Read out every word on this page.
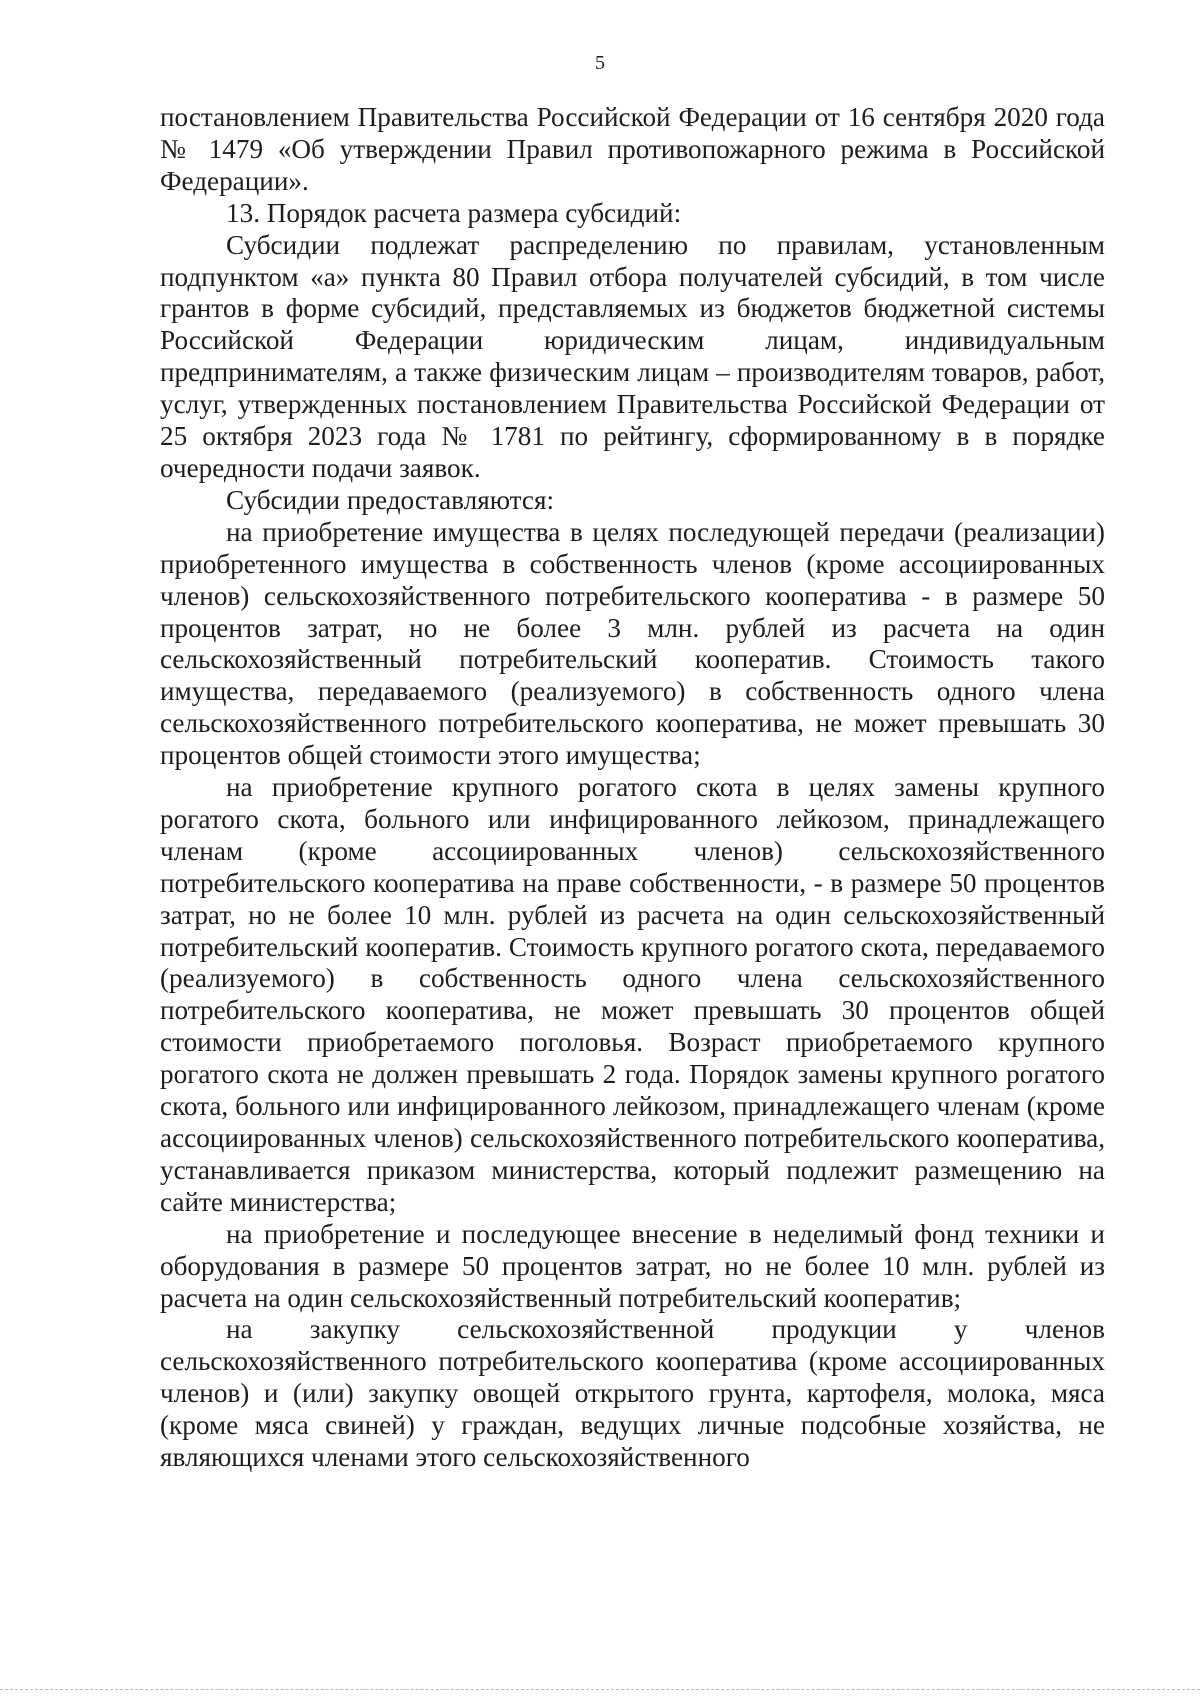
5

постановлением Правительства Российской Федерации от 16 сентября 2020 года № 1479 «Об утверждении Правил противопожарного режима в Российской Федерации».

13. Порядок расчета размера субсидий:

Субсидии подлежат распределению по правилам, установленным подпунктом «а» пункта 80 Правил отбора получателей субсидий, в том числе грантов в форме субсидий, представляемых из бюджетов бюджетной системы Российской Федерации юридическим лицам, индивидуальным предпринимателям, а также физическим лицам – производителям товаров, работ, услуг, утвержденных постановлением Правительства Российской Федерации от 25 октября 2023 года № 1781 по рейтингу, сформированному в в порядке очередности подачи заявок.

Субсидии предоставляются:

на приобретение имущества в целях последующей передачи (реализации) приобретенного имущества в собственность членов (кроме ассоциированных членов) сельскохозяйственного потребительского кооператива - в размере 50 процентов затрат, но не более 3 млн. рублей из расчета на один сельскохозяйственный потребительский кооператив. Стоимость такого имущества, передаваемого (реализуемого) в собственность одного члена сельскохозяйственного потребительского кооператива, не может превышать 30 процентов общей стоимости этого имущества;

на приобретение крупного рогатого скота в целях замены крупного рогатого скота, больного или инфицированного лейкозом, принадлежащего членам (кроме ассоциированных членов) сельскохозяйственного потребительского кооператива на праве собственности, - в размере 50 процентов затрат, но не более 10 млн. рублей из расчета на один сельскохозяйственный потребительский кооператив. Стоимость крупного рогатого скота, передаваемого (реализуемого) в собственность одного члена сельскохозяйственного потребительского кооператива, не может превышать 30 процентов общей стоимости приобретаемого поголовья. Возраст приобретаемого крупного рогатого скота не должен превышать 2 года. Порядок замены крупного рогатого скота, больного или инфицированного лейкозом, принадлежащего членам (кроме ассоциированных членов) сельскохозяйственного потребительского кооператива, устанавливается приказом министерства, который подлежит размещению на сайте министерства;

на приобретение и последующее внесение в неделимый фонд техники и оборудования в размере 50 процентов затрат, но не более 10 млн. рублей из расчета на один сельскохозяйственный потребительский кооператив;

на закупку сельскохозяйственной продукции у членов сельскохозяйственного потребительского кооператива (кроме ассоциированных членов) и (или) закупку овощей открытого грунта, картофеля, молока, мяса (кроме мяса свиней) у граждан, ведущих личные подсобные хозяйства, не являющихся членами этого сельскохозяйственного
